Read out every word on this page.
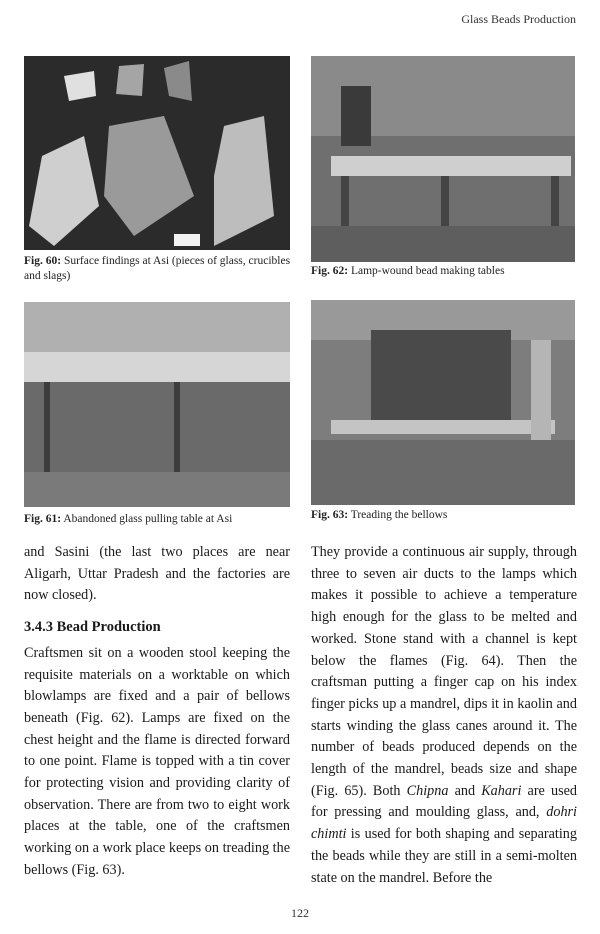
Glass Beads Production
Fig. 60: Surface findings at Asi (pieces of glass, crucibles and slags)	Fig. 62: Lamp-wound bead making tables
Fig. 61: Abandoned glass pulling table at Asi	Fig. 63: Treading the bellows

and Sasini (the last two places are near Aligarh, Uttar Pradesh and the factories are now closed).

3.4.3 Bead Production

Craftsmen sit on a wooden stool keeping the requisite materials on a worktable on which blowlamps are fixed and a pair of bellows beneath (Fig. 62). Lamps are fixed on the chest height and the flame is directed forward to one point. Flame is topped with a tin cover for protecting vision and providing clarity of observation. There are from two to eight work places at the table, one of the craftsmen working on a work place keeps on treading the bellows (Fig. 63).

They provide a continuous air supply, through three to seven air ducts to the lamps which makes it possible to achieve a temperature high enough for the glass to be melted and worked. Stone stand with a channel is kept below the flames (Fig. 64). Then the craftsman putting a finger cap on his index finger picks up a mandrel, dips it in kaolin and starts winding the glass canes around it. The number of beads produced depends on the length of the mandrel, beads size and shape (Fig. 65). Both Chipna and Kahari are used for pressing and moulding glass, and, dohri chimti is used for both shaping and separating the beads while they are still in a semi-molten state on the mandrel. Before the

122
